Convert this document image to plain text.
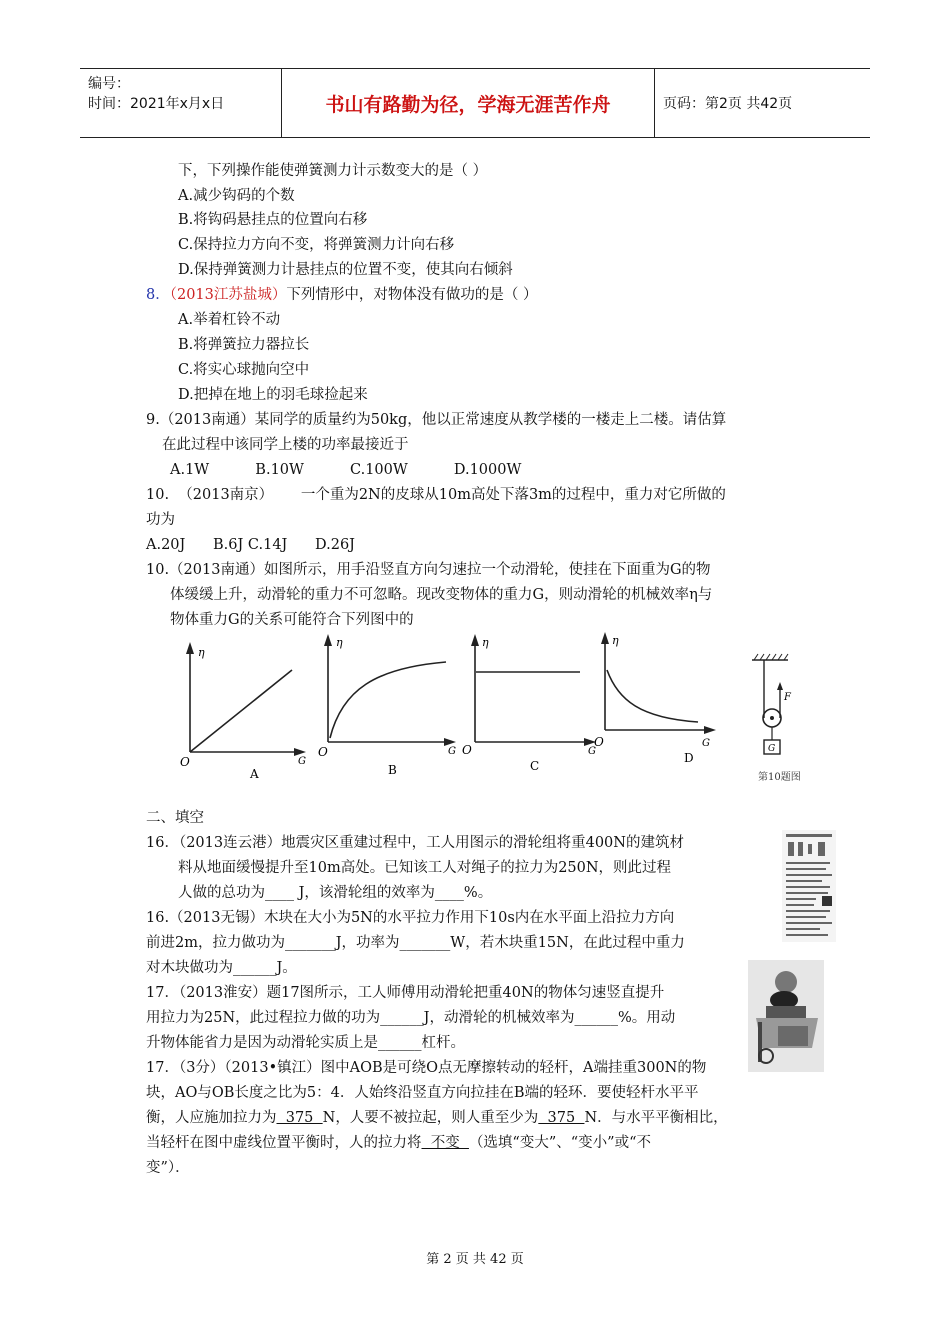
编号：
时间：2021年x月x日	书山有路勤为径，学海无涯苦作舟	页码：第2页 共42页
下，下列操作能使弹簧测力计示数变大的是（ ）
A.减少钩码的个数
B.将钩码悬挂点的位置向右移
C.保持拉力方向不变，将弹簧测力计向右移
D.保持弹簧测力计悬挂点的位置不变，使其向右倾斜
8．（2013江苏盐城）下列情形中，对物体没有做功的是（ ）
A.举着杠铃不动
B.将弹簧拉力器拉长
C.将实心球抛向空中
D.把掉在地上的羽毛球捡起来
9.（2013南通）某同学的质量约为50kg，他以正常速度从教学楼的一楼走上二楼。请估算
在此过程中该同学上楼的功率最接近于
A.1W          B.10W          C.100W          D.1000W
10.  （2013南京）      一个重为2N的皮球从10m高处下落3m的过程中，重力对它所做的
功为
A.20J      B.6J C.14J      D.26J
10.（2013南通）如图所示，用手沿竖直方向匀速拉一个动滑轮，使挂在下面重为G的物
体缓缓上升，动滑轮的重力不可忽略。现改变物体的重力G，则动滑轮的机械效率η与
物体重力G的关系可能符合下列图中的
η
O	G
A
η
O	G
B
η
O	G
C
η
O	G
D
F
G
第10题图
二、填空
16．（2013连云港）地震灾区重建过程中，工人用图示的滑轮组将重400N的建筑材
料从地面缓慢提升至10m高处。已知该工人对绳子的拉力为250N，则此过程
人做的总功为____ J，该滑轮组的效率为____%。
16.（2013无锡）木块在大小为5N的水平拉力作用下10s内在水平面上沿拉力方向
前进2m，拉力做功为_______J，功率为_______W，若木块重15N，在此过程中重力
对木块做功为______J。
17．（2013淮安）题17图所示，工人师傅用动滑轮把重40N的物体匀速竖直提升
用拉力为25N，此过程拉力做的功为______J，动滑轮的机械效率为______%。用动
升物体能省力是因为动滑轮实质上是______杠杆。
17．（3分）（2013•镇江）图中AOB是可绕O点无摩擦转动的轻杆，A端挂重300N的物
块，AO与OB长度之比为5：4．人始终沿竖直方向拉挂在B端的轻环．要使轻杆水平平
衡，人应施加拉力为  375  N，人要不被拉起，则人重至少为  375  N．与水平平衡相比，
当轻杆在图中虚线位置平衡时，人的拉力将  不变  （选填“变大”、“变小”或“不
变”）．
第 2 页 共 42 页
